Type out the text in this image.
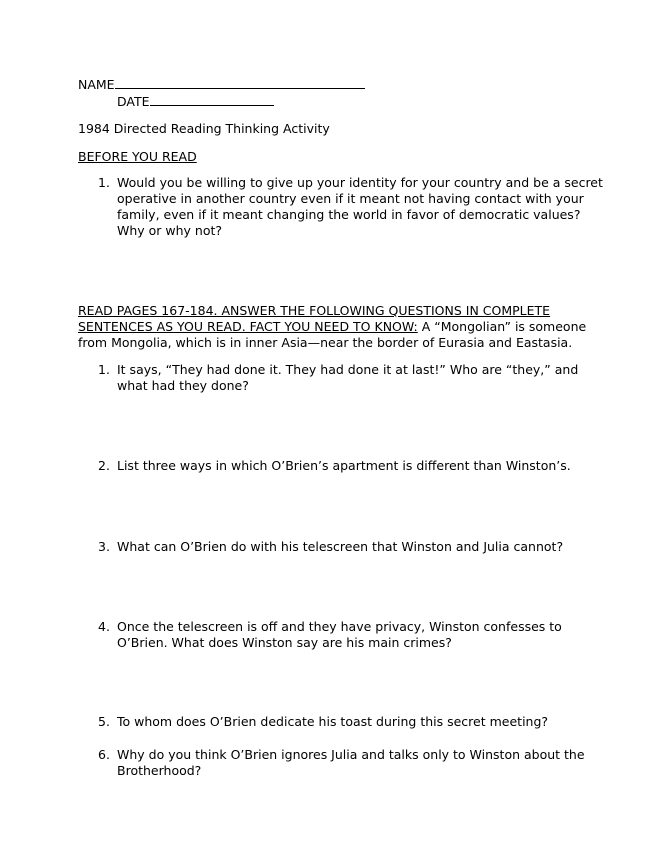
NAME
DATE
1984 Directed Reading Thinking Activity
BEFORE YOU READ
1. Would you be willing to give up your identity for your country and be a secret
operative in another country even if it meant not having contact with your
family, even if it meant changing the world in favor of democratic values?
Why or why not?
READ PAGES 167-184. ANSWER THE FOLLOWING QUESTIONS IN COMPLETE
SENTENCES AS YOU READ. FACT YOU NEED TO KNOW: A “Mongolian” is someone
from Mongolia, which is in inner Asia—near the border of Eurasia and Eastasia.
1. It says, “They had done it. They had done it at last!” Who are “they,” and
what had they done?
2. List three ways in which O’Brien’s apartment is different than Winston’s.
3. What can O’Brien do with his telescreen that Winston and Julia cannot?
4. Once the telescreen is off and they have privacy, Winston confesses to
O’Brien. What does Winston say are his main crimes?
5. To whom does O’Brien dedicate his toast during this secret meeting?
6. Why do you think O’Brien ignores Julia and talks only to Winston about the
Brotherhood?
